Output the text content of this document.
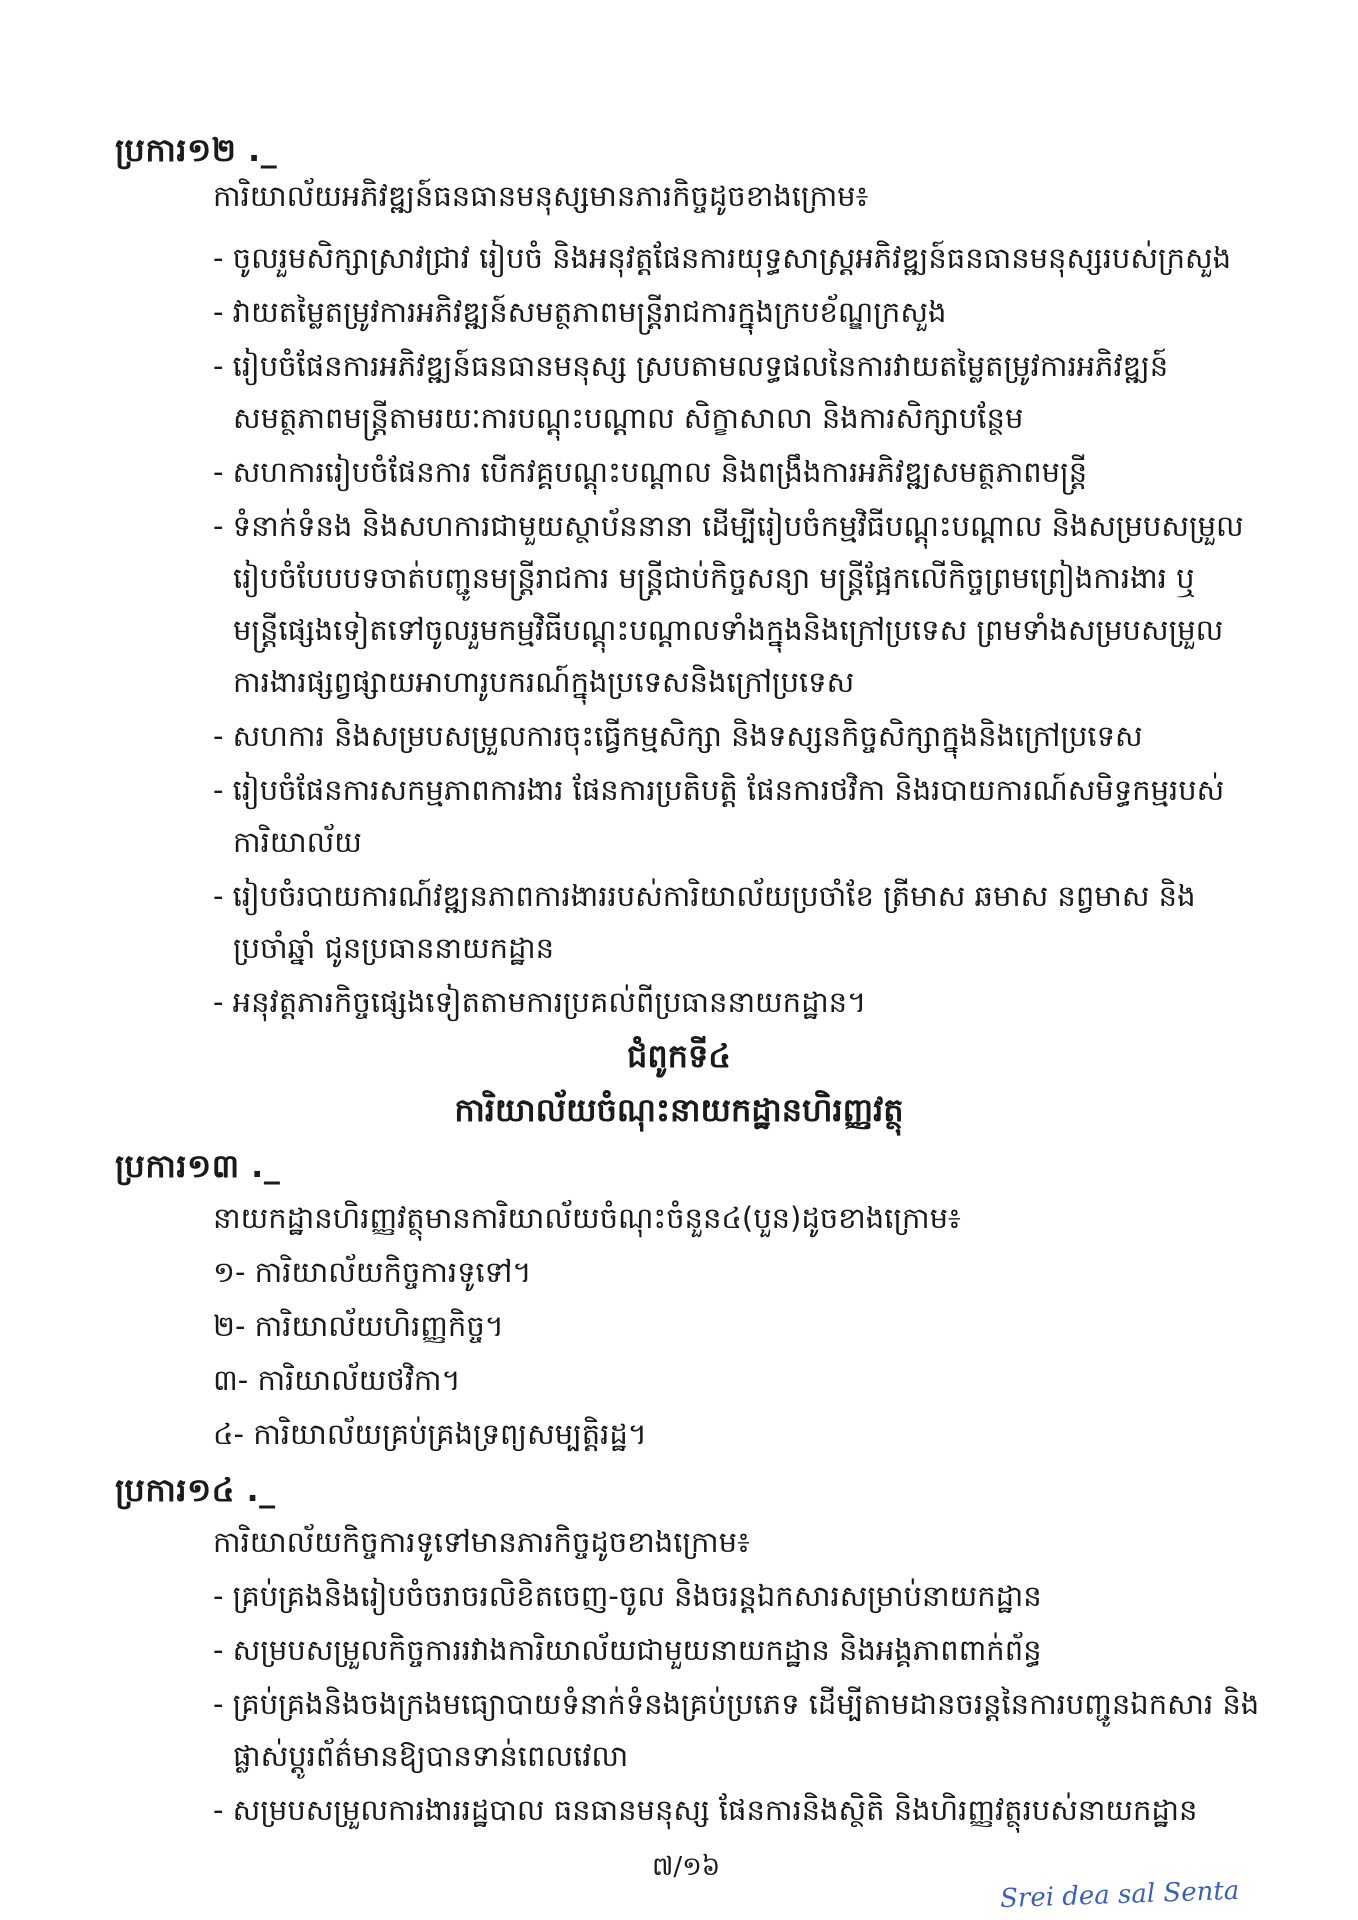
ប្រការ១២ ._
ការិយាល័យអភិវឌ្ឍន៍ធនធានមនុស្សមានភារកិច្ចដូចខាងក្រោម៖
- ចូលរួមសិក្សាស្រាវជ្រាវ រៀបចំ និងអនុវត្តផែនការយុទ្ធសាស្ត្រអភិវឌ្ឍន៍ធនធានមនុស្សរបស់ក្រសួង
- វាយតម្លៃតម្រូវការអភិវឌ្ឍន៍សមត្ថភាពមន្ត្រីរាជការក្នុងក្របខ័ណ្ឌក្រសួង
- រៀបចំផែនការអភិវឌ្ឍន៍ធនធានមនុស្ស ស្របតាមលទ្ធផលនៃការវាយតម្លៃតម្រូវការអភិវឌ្ឍន៍
សមត្ថភាពមន្ត្រីតាមរយៈការបណ្តុះបណ្តាល សិក្ខាសាលា និងការសិក្សាបន្ថែម
- សហការរៀបចំផែនការ បើកវគ្គបណ្តុះបណ្តាល និងពង្រឹងការអភិវឌ្ឍសមត្ថភាពមន្ត្រី
- ទំនាក់ទំនង និងសហការជាមួយស្ថាប័ននានា ដើម្បីរៀបចំកម្មវិធីបណ្តុះបណ្តាល និងសម្របសម្រួល
រៀបចំបែបបទចាត់បញ្ជូនមន្ត្រីរាជការ មន្ត្រីជាប់កិច្ចសន្យា មន្ត្រីផ្អែកលើកិច្ចព្រមព្រៀងការងារ ឬ
មន្ត្រីផ្សេងទៀតទៅចូលរួមកម្មវិធីបណ្តុះបណ្តាលទាំងក្នុងនិងក្រៅប្រទេស ព្រមទាំងសម្របសម្រួល
ការងារផ្សព្វផ្សាយអាហារូបករណ៍ក្នុងប្រទេសនិងក្រៅប្រទេស
- សហការ និងសម្របសម្រួលការចុះធ្វើកម្មសិក្សា និងទស្សនកិច្ចសិក្សាក្នុងនិងក្រៅប្រទេស
- រៀបចំផែនការសកម្មភាពការងារ ផែនការប្រតិបត្តិ ផែនការថវិកា និងរបាយការណ៍សមិទ្ធកម្មរបស់
ការិយាល័យ
- រៀបចំរបាយការណ៍វឌ្ឍនភាពការងាររបស់ការិយាល័យប្រចាំខែ ត្រីមាស ឆមាស នព្វមាស និង
ប្រចាំឆ្នាំ ជូនប្រធាននាយកដ្ឋាន
- អនុវត្តភារកិច្ចផ្សេងទៀតតាមការប្រគល់ពីប្រធាននាយកដ្ឋាន។
ជំពូកទី៤
ការិយាល័យចំណុះនាយកដ្ឋានហិរញ្ញវត្ថុ
ប្រការ១៣ ._
នាយកដ្ឋានហិរញ្ញវត្ថុមានការិយាល័យចំណុះចំនួន៤(បួន)ដូចខាងក្រោម៖
១- ការិយាល័យកិច្ចការទូទៅ។
២- ការិយាល័យហិរញ្ញកិច្ច។
៣- ការិយាល័យថវិកា។
៤- ការិយាល័យគ្រប់គ្រងទ្រព្យសម្បត្តិរដ្ឋ។
ប្រការ១៤ ._
ការិយាល័យកិច្ចការទូទៅមានភារកិច្ចដូចខាងក្រោម៖
- គ្រប់គ្រងនិងរៀបចំចរាចរលិខិតចេញ-ចូល និងចរន្តឯកសារសម្រាប់នាយកដ្ឋាន
- សម្របសម្រួលកិច្ចការរវាងការិយាល័យជាមួយនាយកដ្ឋាន និងអង្គភាពពាក់ព័ន្ធ
- គ្រប់គ្រងនិងចងក្រងមធ្យោបាយទំនាក់ទំនងគ្រប់ប្រភេទ ដើម្បីតាមដានចរន្តនៃការបញ្ជូនឯកសារ និង
ផ្លាស់ប្តូរព័ត៌មានឱ្យបានទាន់ពេលវេលា
- សម្របសម្រួលការងាររដ្ឋបាល ធនធានមនុស្ស ផែនការនិងស្ថិតិ និងហិរញ្ញវត្ថុរបស់នាយកដ្ឋាន
៧/១៦
Srei dea sal Senta
